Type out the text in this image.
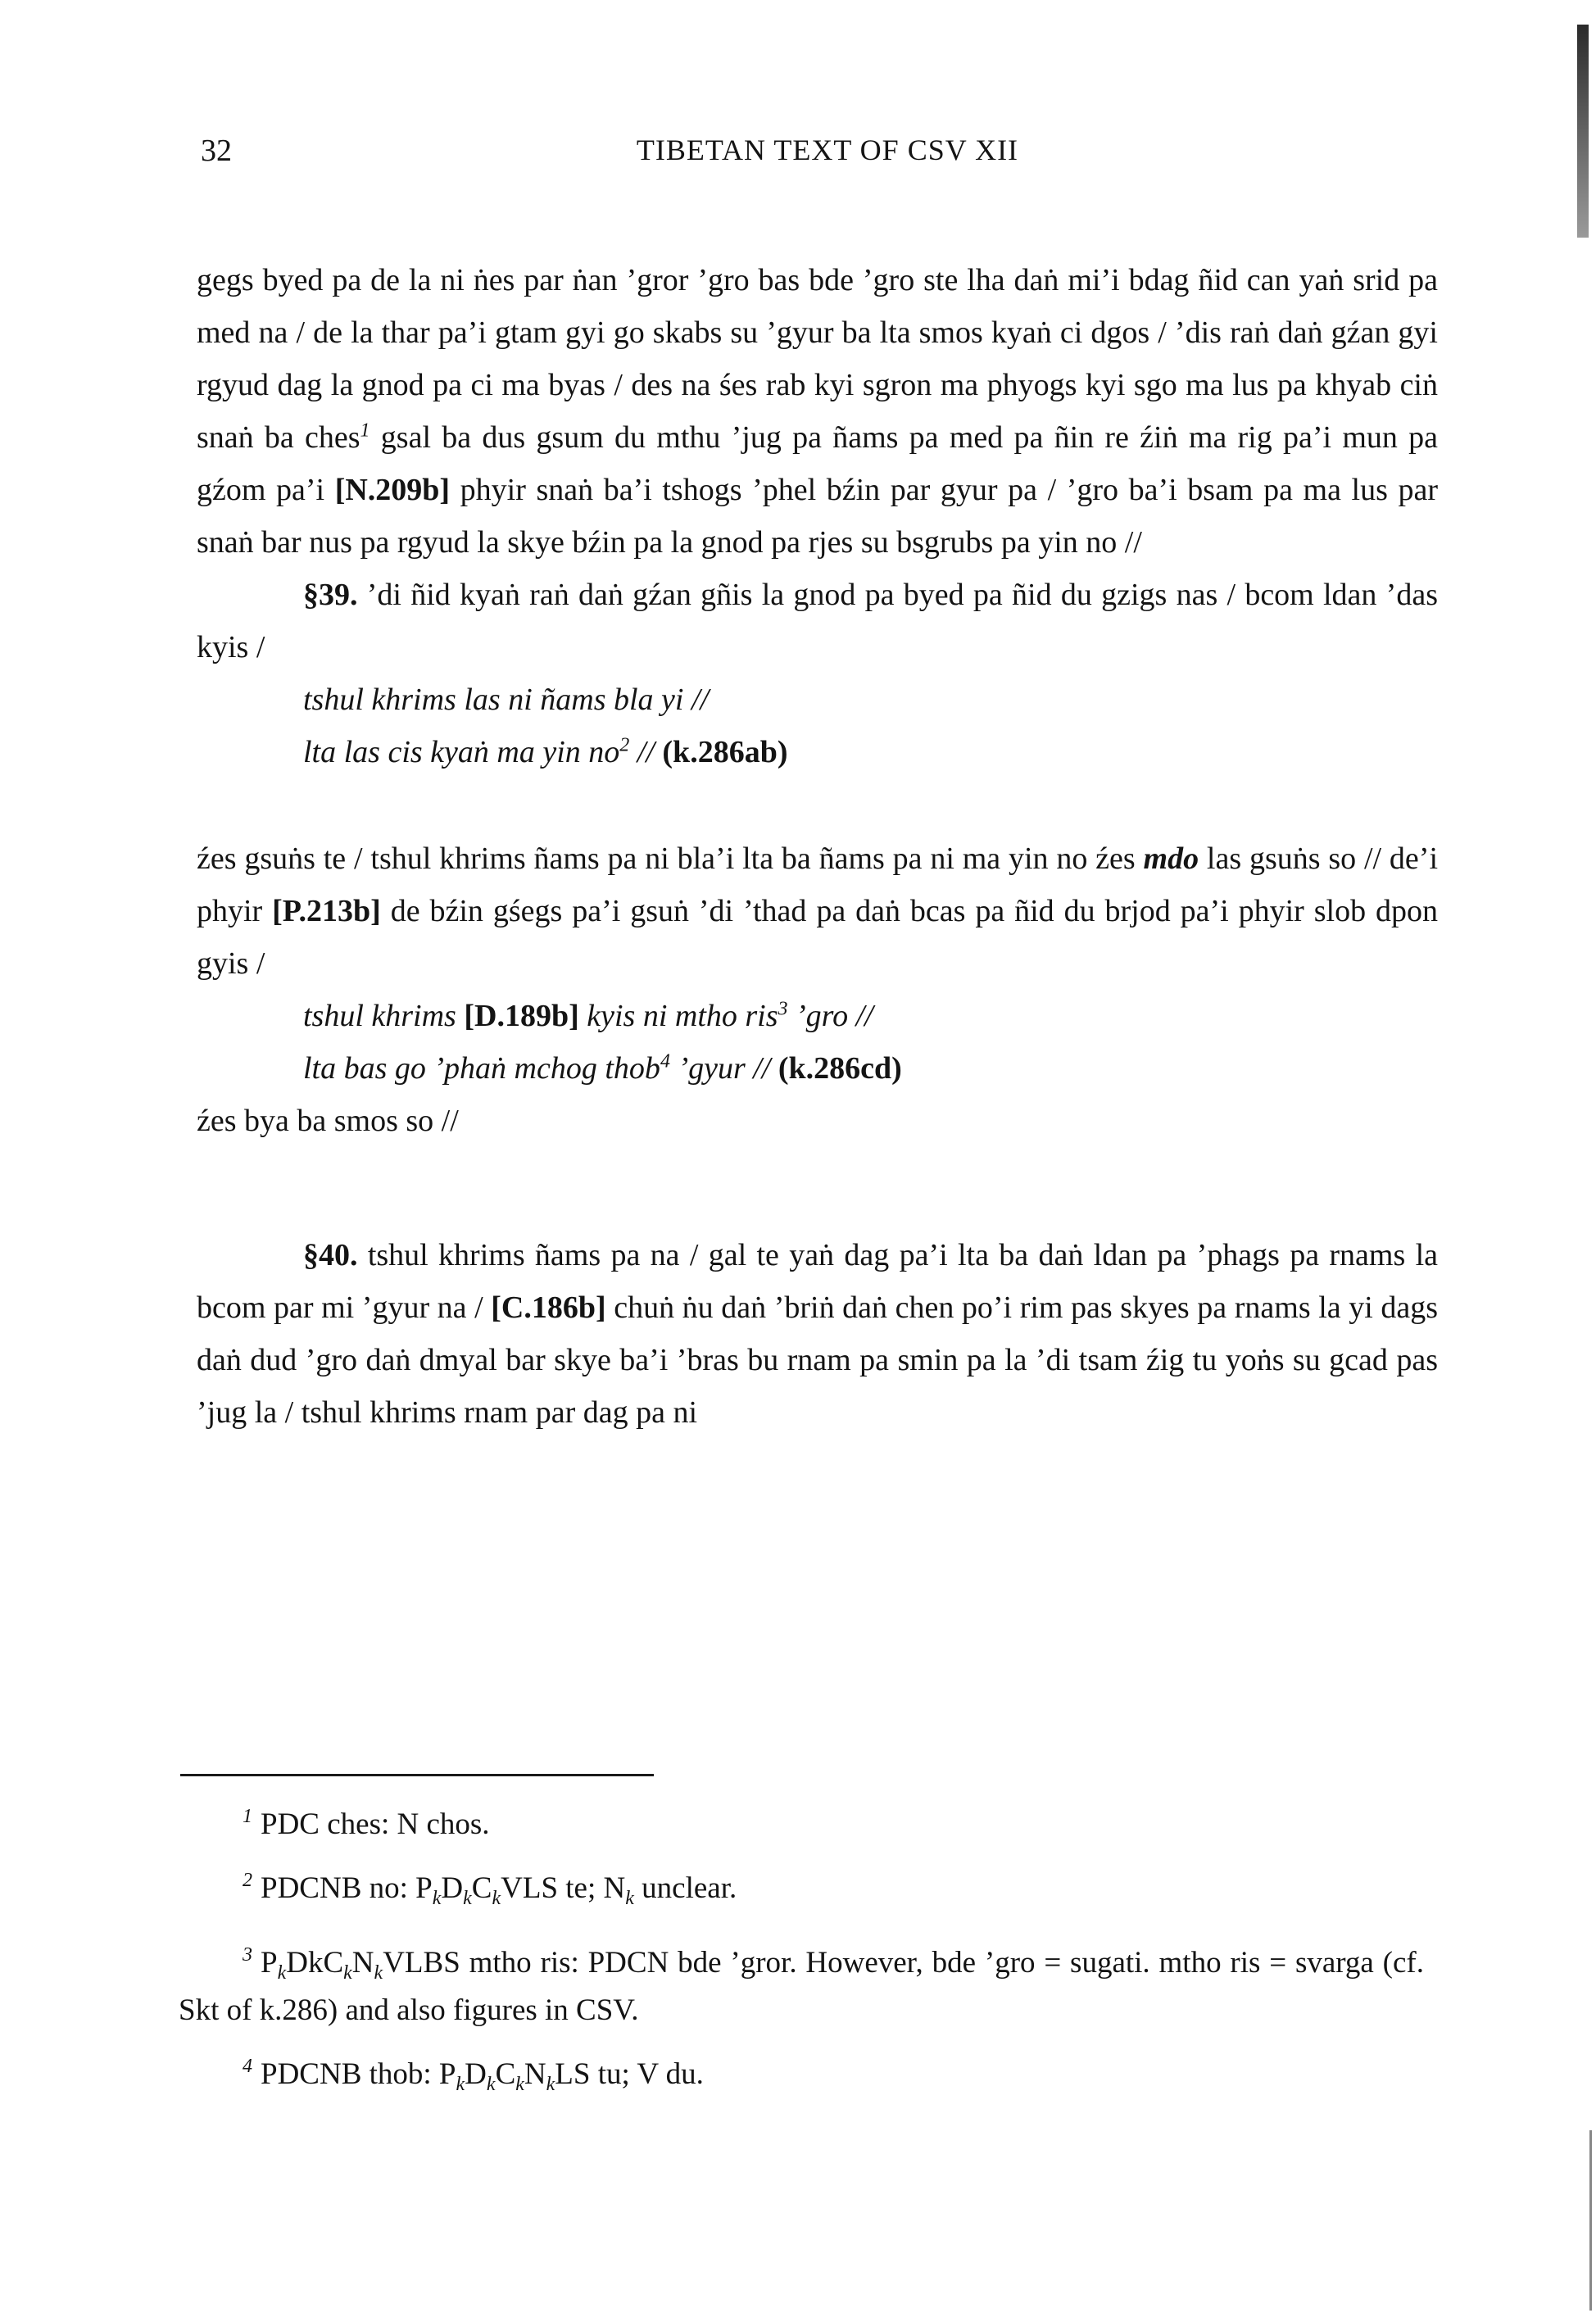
32	TIBETAN TEXT OF CSV XII

gegs byed pa de la ni ṅes par ṅan ’gror ’gro bas bde ’gro ste lha daṅ mi’i bdag ñid can yaṅ srid pa med na / de la thar pa’i gtam gyi go skabs su ’gyur ba lta smos kyaṅ ci dgos / ’dis raṅ daṅ gźan gyi rgyud dag la gnod pa ci ma byas / des na śes rab kyi sgron ma phyogs kyi sgo ma lus pa khyab ciṅ snaṅ ba ches$^1$ gsal ba dus gsum du mthu ’jug pa ñams pa med pa ñin re źiṅ ma rig pa’i mun pa gźom pa’i [N.209b] phyir snaṅ ba’i tshogs ’phel bźin par gyur pa / ’gro ba’i bsam pa ma lus par snaṅ bar nus pa rgyud la skye bźin pa la gnod pa rjes su bsgrubs pa yin no //

§39. ’di ñid kyaṅ raṅ daṅ gźan gñis la gnod pa byed pa ñid du gzigs nas / bcom ldan ’das kyis /

tshul khrims las ni ñams bla yi //
lta las cis kyaṅ ma yin $no^2 // (k.286ab)$

źes gsuṅs te / tshul khrims ñams pa ni bla’i lta ba ñams pa ni ma yin no źes mdo las gsuṅs so // de’i phyir [P.213b] de bźin gśegs pa’i gsuṅ ’di ’thad pa daṅ bcas pa ñid du brjod pa’i phyir slob dpon gyis /

tshul khrims [D.189b] kyis ni mtho ris$^3$ ’gro //
lta bas go ’phaṅ mchog thob$^4$ ’gyur // (k.286cd)

źes bya ba smos so //

§40. tshul khrims ñams pa na / gal te yaṅ dag pa’i lta ba daṅ ldan pa ’phags pa rnams la bcom par mi ’gyur na / [C.186b] chuṅ ṅu daṅ ’briṅ daṅ chen po’i rim pas skyes pa rnams la yi dags daṅ dud ’gro daṅ dmyal bar skye ba’i ’bras bu rnam pa smin pa la ’di tsam źig tu yoṅs su gcad pas ’jug la / tshul khrims rnam par dag pa ni

$^1$ PDC ches: N chos.

$^2$ PDCNB no: $P_kD_kC_kVLS$ te; $N_k$ unclear.

$^3$ $P_kDkC_kN_kVLBS$ mtho ris: PDCN bde ’gror. However, bde ’gro = sugati. mtho ris = svarga (cf. Skt of k.286) and also figures in CSV.

$^4$ PDCNB thob: $P_kD_kC_kN_kLS$ tu; V du.
